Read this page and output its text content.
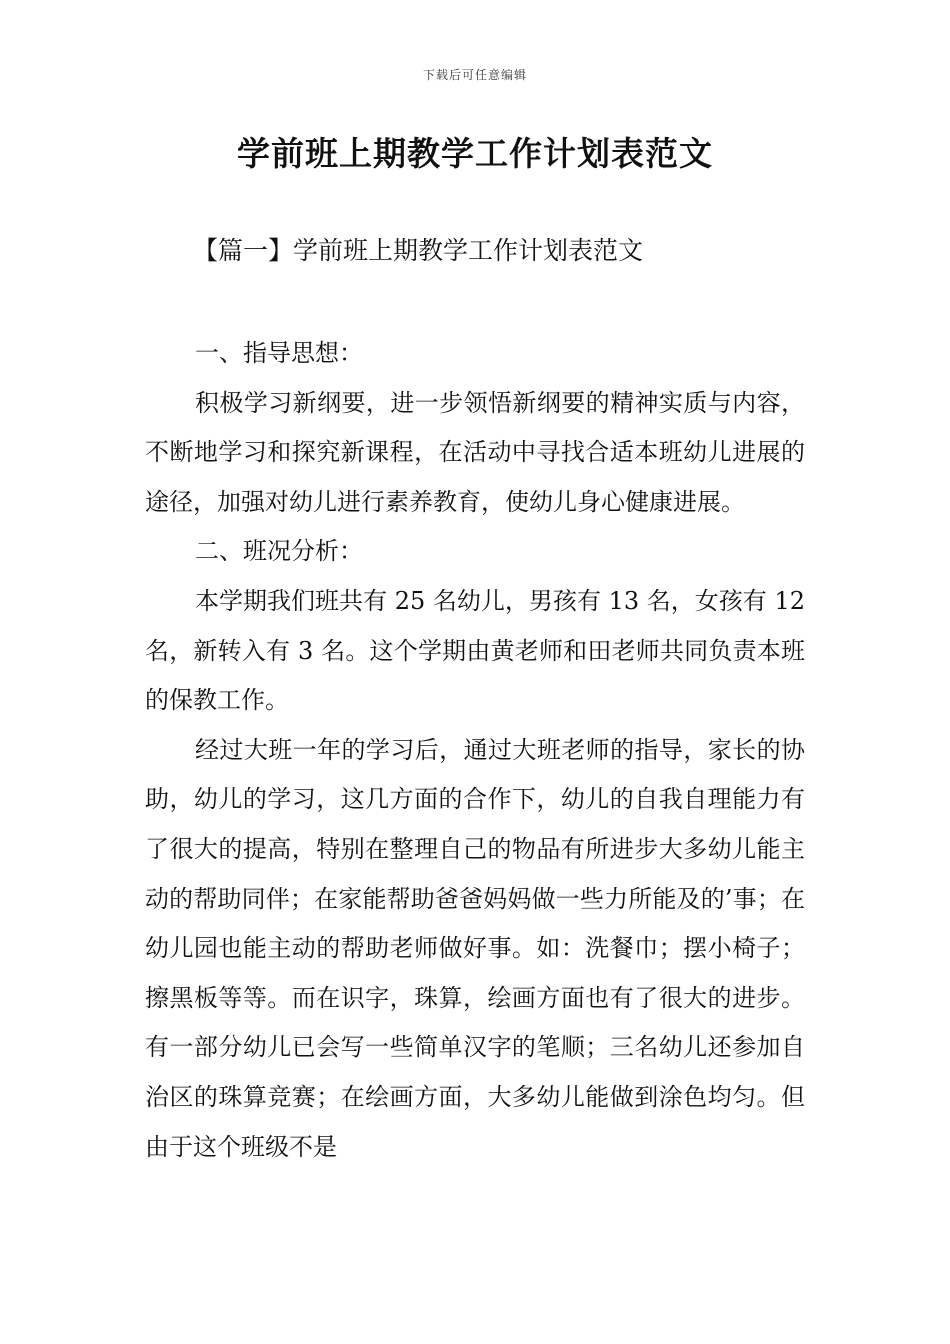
下载后可任意编辑
学前班上期教学工作计划表范文
【篇一】学前班上期教学工作计划表范文

一、指导思想：

积极学习新纲要，进一步领悟新纲要的精神实质与内容，不断地学习和探究新课程，在活动中寻找合适本班幼儿进展的途径，加强对幼儿进行素养教育，使幼儿身心健康进展。

二、班况分析：

本学期我们班共有 25 名幼儿，男孩有 13 名，女孩有 12 名，新转入有 3 名。这个学期由黄老师和田老师共同负责本班的保教工作。

经过大班一年的学习后，通过大班老师的指导，家长的协助，幼儿的学习，这几方面的合作下，幼儿的自我自理能力有了很大的提高，特别在整理自己的物品有所进步大多幼儿能主动的帮助同伴；在家能帮助爸爸妈妈做一些力所能及的’事；在幼儿园也能主动的帮助老师做好事。如：洗餐巾；摆小椅子；擦黑板等等。而在识字，珠算，绘画方面也有了很大的进步。有一部分幼儿已会写一些简单汉字的笔顺；三名幼儿还参加自治区的珠算竞赛；在绘画方面，大多幼儿能做到涂色均匀。但由于这个班级不是
